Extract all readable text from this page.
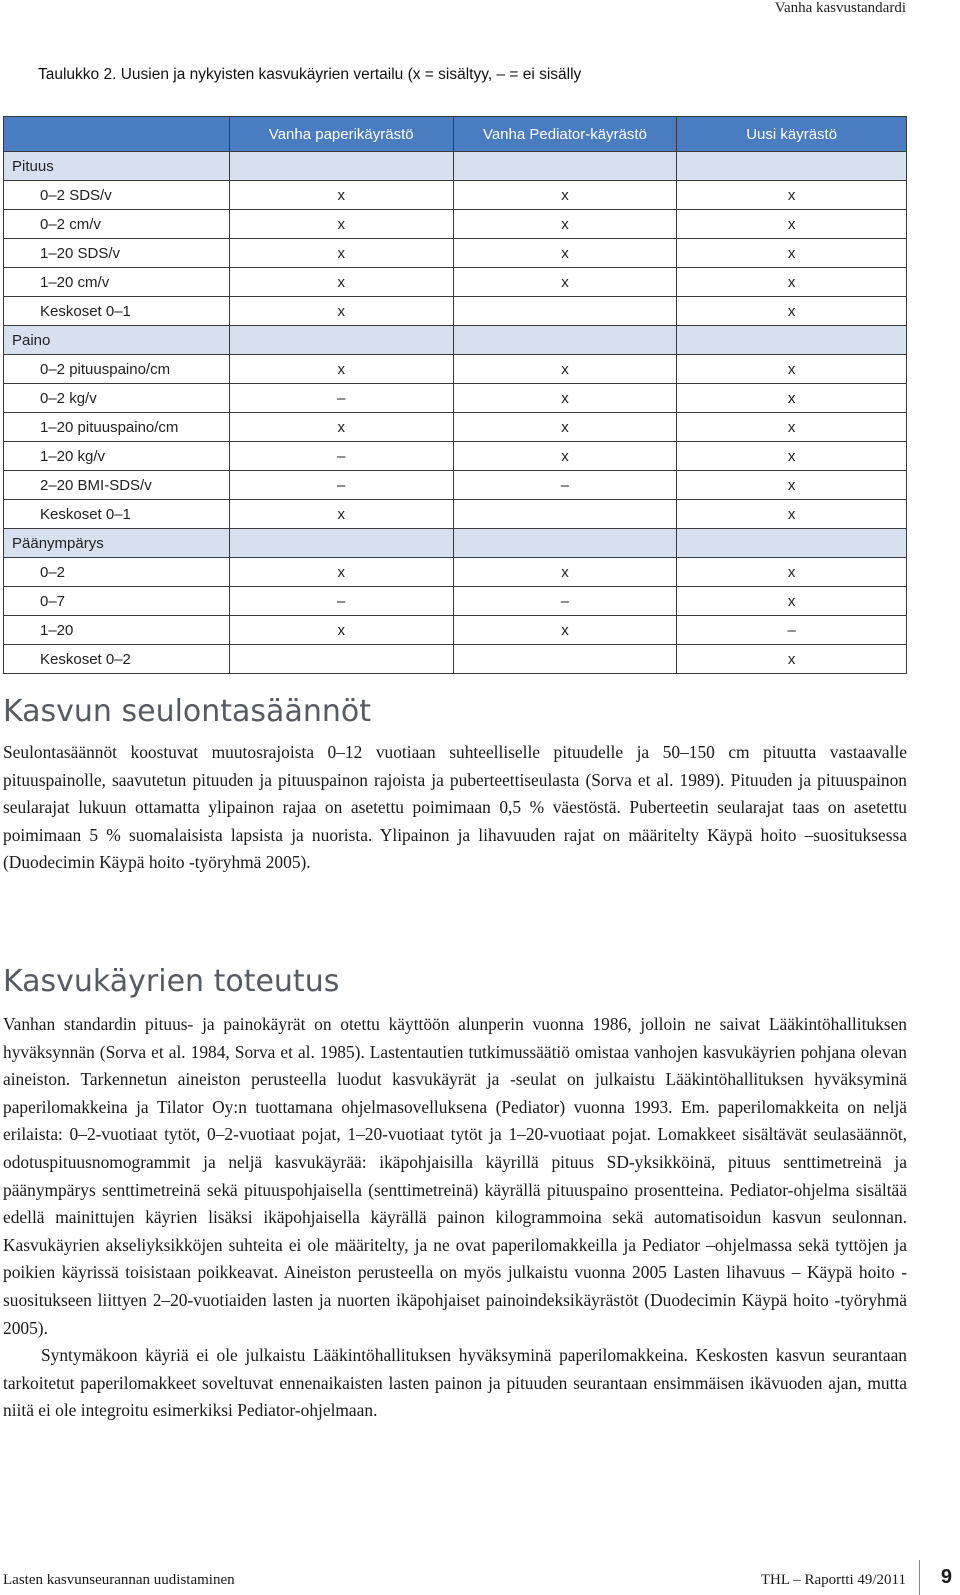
Vanha kasvustandardi
Taulukko 2. Uusien ja nykyisten kasvukäyrien vertailu (x = sisältyy, – = ei sisälly
	Vanha paperikäyrästö	Vanha Pediator-käyrästö	Uusi käyrästö
Pituus			
0–2 SDS/v	x	x	x
0–2 cm/v	x	x	x
1–20 SDS/v	x	x	x
1–20 cm/v	x	x	x
Keskoset 0–1	x		x
Paino			
0–2 pituuspaino/cm	x	x	x
0–2 kg/v	–	x	x
1–20 pituuspaino/cm	x	x	x
1–20 kg/v	–	x	x
2–20 BMI-SDS/v	–	–	x
Keskoset 0–1	x		x
Päänympärys			
0–2	x	x	x
0–7	–	–	x
1–20	x	x	–
Keskoset 0–2			x
Kasvun seulontasäännöt

Seulontasäännöt koostuvat muutosrajoista 0–12 vuotiaan suhteelliselle pituudelle ja 50–150 cm pituutta vastaavalle pituuspainolle, saavutetun pituuden ja pituuspainon rajoista ja puberteettiseulasta (Sorva et al. 1989). Pituuden ja pituuspainon seularajat lukuun ottamatta ylipainon rajaa on asetettu poimimaan 0,5 % väestöstä. Puberteetin seularajat taas on asetettu poimimaan 5 % suomalaisista lapsista ja nuorista. Ylipainon ja lihavuuden rajat on määritelty Käypä hoito –suosituksessa (Duodecimin Käypä hoito -työryhmä 2005).

Kasvukäyrien toteutus

Vanhan standardin pituus- ja painokäyrät on otettu käyttöön alunperin vuonna 1986, jolloin ne saivat Lääkintöhallituksen hyväksynnän (Sorva et al. 1984, Sorva et al. 1985). Lastentautien tutkimussäätiö omistaa vanhojen kasvukäyrien pohjana olevan aineiston. Tarkennetun aineiston perusteella luodut kasvukäyrät ja -seulat on julkaistu Lääkintöhallituksen hyväksyminä paperilomakkeina ja Tilator Oy:n tuottamana ohjelmasovelluksena (Pediator) vuonna 1993. Em. paperilomakkeita on neljä erilaista: 0–2-vuotiaat tytöt, 0–2-vuotiaat pojat, 1–20-vuotiaat tytöt ja 1–20-vuotiaat pojat. Lomakkeet sisältävät seulasäännöt, odotuspituusnomogrammit ja neljä kasvukäyrää: ikäpohjaisilla käyrillä pituus SD-yksikköinä, pituus senttimetreinä ja päänympärys senttimetreinä sekä pituuspohjaisella (senttimetreinä) käyrällä pituuspaino prosentteina. Pediator-ohjelma sisältää edellä mainittujen käyrien lisäksi ikäpohjaisella käyrällä painon kilogrammoina sekä automatisoidun kasvun seulonnan. Kasvukäyrien akseliyksikköjen suhteita ei ole määritelty, ja ne ovat paperilomakkeilla ja Pediator –ohjelmassa sekä tyttöjen ja poikien käyrissä toisistaan poikkeavat. Aineiston perusteella on myös julkaistu vuonna 2005 Lasten lihavuus – Käypä hoito -suositukseen liittyen 2–20-vuotiaiden lasten ja nuorten ikäpohjaiset painoindeksikäyrästöt (Duodecimin Käypä hoito -työryhmä 2005).

Syntymäkoon käyriä ei ole julkaistu Lääkintöhallituksen hyväksyminä paperilomakkeina. Keskosten kasvun seurantaan tarkoitetut paperilomakkeet soveltuvat ennenaikaisten lasten painon ja pituuden seurantaan ensimmäisen ikävuoden ajan, mutta niitä ei ole integroitu esimerkiksi Pediator-ohjelmaan.

Lasten kasvunseurannan uudistaminen	THL – Raportti 49/2011 9
